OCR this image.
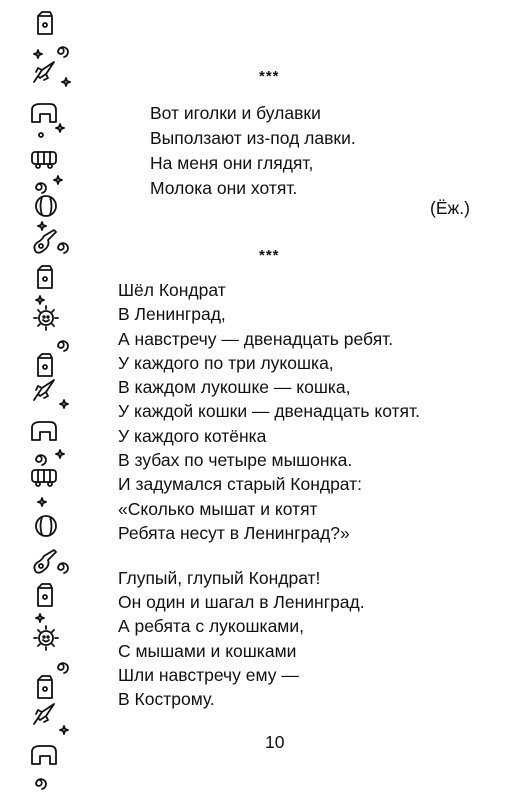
***
Вот иголки и булавки
Выползают из-под лавки.
На меня они глядят,
Молока они хотят.
(Ёж.)
***
Шёл Кондрат
В Ленинград,
А навстречу — двенадцать ребят.
У каждого по три лукошка,
В каждом лукошке — кошка,
У каждой кошки — двенадцать котят.
У каждого котёнка
В зубах по четыре мышонка.
И задумался старый Кондрат:
«Сколько мышат и котят
Ребята несут в Ленинград?»
Глупый, глупый Кондрат!
Он один и шагал в Ленинград.
А ребята с лукошками,
С мышами и кошками
Шли навстречу ему —
В Кострому.
10
